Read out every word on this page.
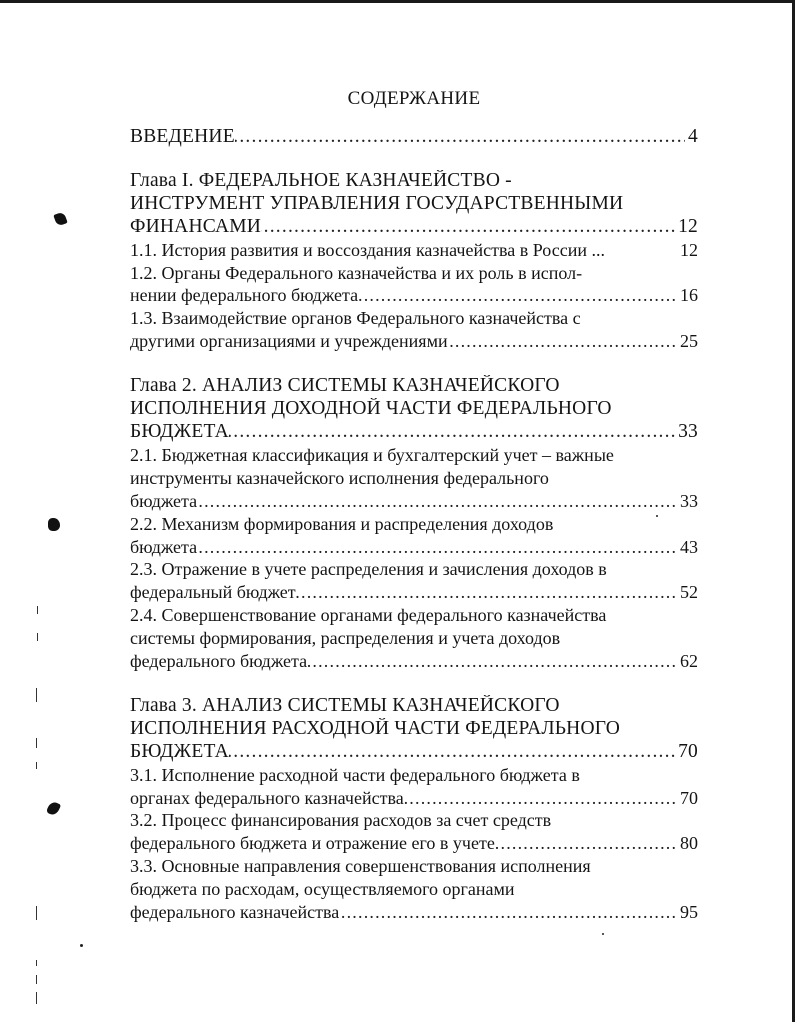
СОДЕРЖАНИЕ
.....
ВВЕДЕНИЕ	4
Глава I. ФЕДЕРАЛЬНОЕ КАЗНАЧЕЙСТВО -
ИНСТРУМЕНТ УПРАВЛЕНИЯ ГОСУДАРСТВЕННЫМИ
.....
ФИНАНСАМИ	12
1.1. История развития и воссоздания казначейства в России ...	12
1.2. Органы Федерального казначейства и их роль в испол-
.....
нении федерального бюджета	16
1.3. Взаимодействие органов Федерального казначейства с
.....
другими организациями и учреждениями	25
Глава 2. АНАЛИЗ СИСТЕМЫ КАЗНАЧЕЙСКОГО
ИСПОЛНЕНИЯ ДОХОДНОЙ ЧАСТИ ФЕДЕРАЛЬНОГО
.....
БЮДЖЕТА	33
2.1. Бюджетная классификация и бухгалтерский учет – важные
инструменты казначейского исполнения федерального
.....
бюджета	33
2.2. Механизм формирования и распределения доходов
.....
бюджета	43
2.3. Отражение в учете распределения и зачисления доходов в
.....
федеральный бюджет	52
2.4. Совершенствование органами федерального казначейства
системы формирования, распределения и учета доходов
.....
федерального бюджета	62
Глава 3. АНАЛИЗ СИСТЕМЫ КАЗНАЧЕЙСКОГО
ИСПОЛНЕНИЯ РАСХОДНОЙ ЧАСТИ ФЕДЕРАЛЬНОГО
.....
БЮДЖЕТА	70
3.1. Исполнение расходной части федерального бюджета в
.....
органах федерального казначейства	70
3.2. Процесс финансирования расходов за счет средств
.....
федерального бюджета и отражение его в учете	80
3.3. Основные направления совершенствования исполнения
бюджета по расходам, осуществляемого органами
.....
федерального казначейства	95
